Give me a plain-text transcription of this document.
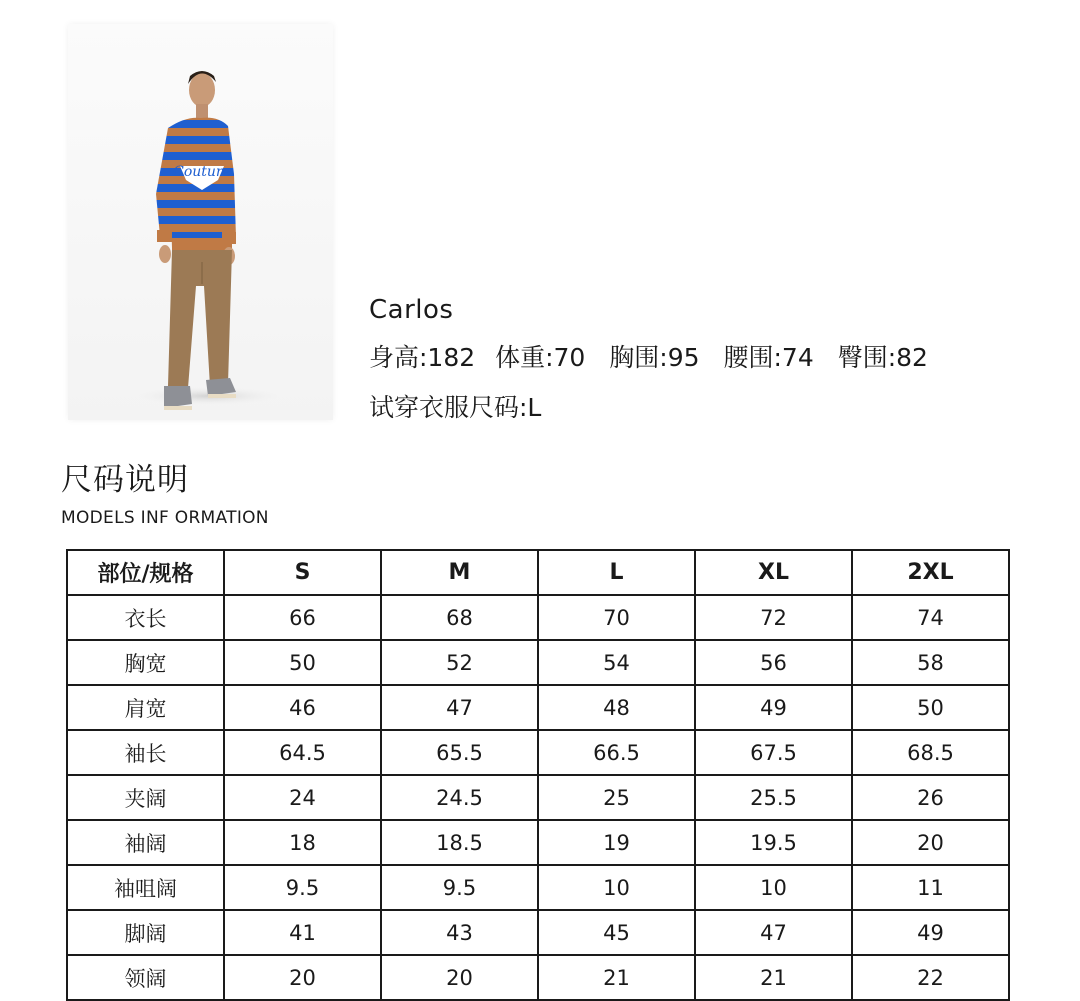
Couture
Carlos
身高:182 体重:70 胸围:95 腰围:74 臀围:82
试穿衣服尺码:L
尺码说明
MODELS INF ORMATION
部位/规格	S	M	L	XL	2XL
衣长	66	68	70	72	74
胸宽	50	52	54	56	58
肩宽	46	47	48	49	50
袖长	64.5	65.5	66.5	67.5	68.5
夹阔	24	24.5	25	25.5	26
袖阔	18	18.5	19	19.5	20
袖咀阔	9.5	9.5	10	10	11
脚阔	41	43	45	47	49
领阔	20	20	21	21	22
